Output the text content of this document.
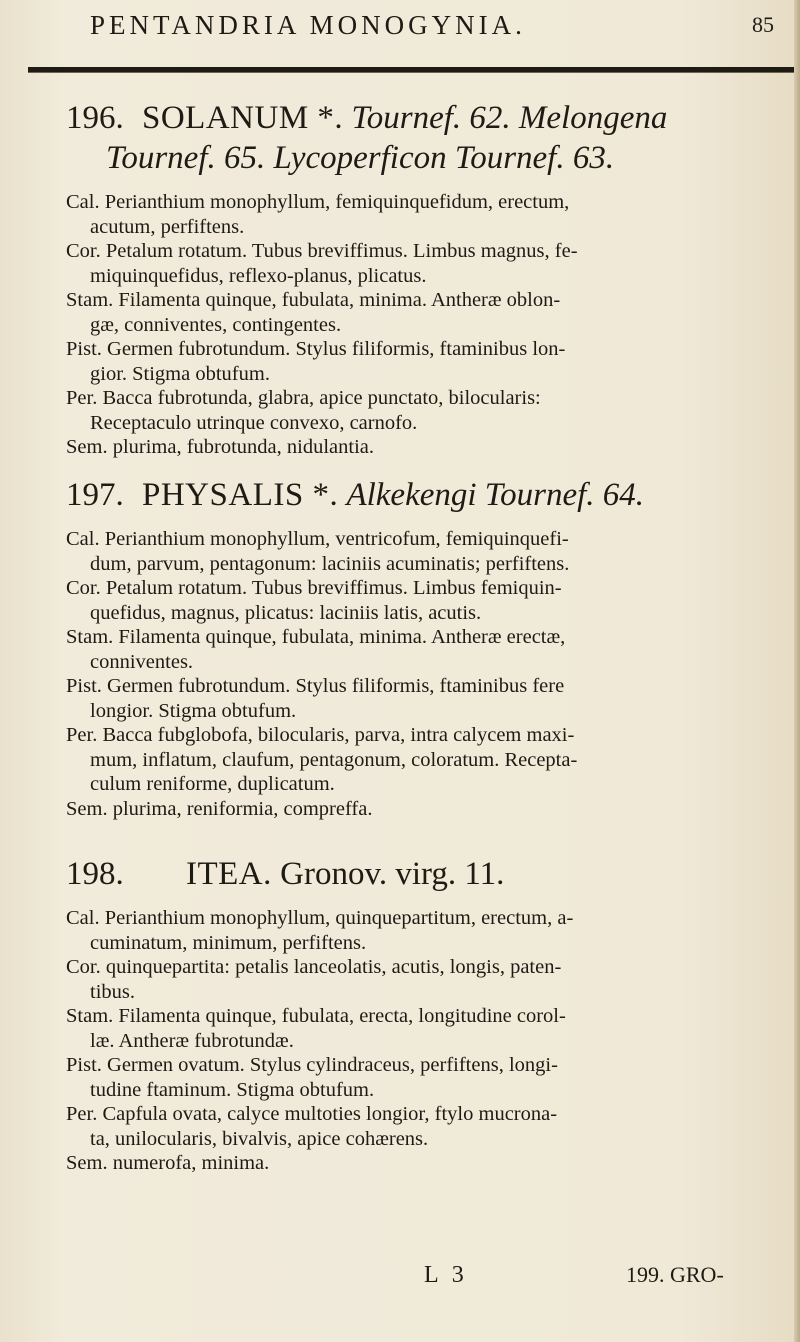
PENTANDRIA MONOGYNIA.	85

196. SOLANUM *. Tournef. 62. Melongena
Tournef. 65. Lycoperficon Tournef. 63.

Cal. Perianthium monophyllum, femiquinquefidum, erectum,

acutum, perfiftens.

Cor. Petalum rotatum. Tubus breviffimus. Limbus magnus, fe-

miquinquefidus, reflexo-planus, plicatus.

Stam. Filamenta quinque, fubulata, minima. Antheræ oblon-

gæ, conniventes, contingentes.

Pist. Germen fubrotundum. Stylus filiformis, ftaminibus lon-

gior. Stigma obtufum.

Per. Bacca fubrotunda, glabra, apice punctato, bilocularis:

Receptaculo utrinque convexo, carnofo.

Sem. plurima, fubrotunda, nidulantia.

197. PHYSALIS *. Alkekengi Tournef. 64.

Cal. Perianthium monophyllum, ventricofum, femiquinquefi-

dum, parvum, pentagonum: laciniis acuminatis; perfiftens.

Cor. Petalum rotatum. Tubus breviffimus. Limbus femiquin-

quefidus, magnus, plicatus: laciniis latis, acutis.

Stam. Filamenta quinque, fubulata, minima. Antheræ erectæ,

conniventes.

Pist. Germen fubrotundum. Stylus filiformis, ftaminibus fere

longior. Stigma obtufum.

Per. Bacca fubglobofa, bilocularis, parva, intra calycem maxi-

mum, inflatum, claufum, pentagonum, coloratum. Recepta-

culum reniforme, duplicatum.

Sem. plurima, reniformia, compreffa.

198. ITEA. Gronov. virg. 11.

Cal. Perianthium monophyllum, quinquepartitum, erectum, a-

cuminatum, minimum, perfiftens.

Cor. quinquepartita: petalis lanceolatis, acutis, longis, paten-

tibus.

Stam. Filamenta quinque, fubulata, erecta, longitudine corol-

læ. Antheræ fubrotundæ.

Pist. Germen ovatum. Stylus cylindraceus, perfiftens, longi-

tudine ftaminum. Stigma obtufum.

Per. Capfula ovata, calyce multoties longior, ftylo mucrona-

ta, unilocularis, bivalvis, apice cohærens.

Sem. numerofa, minima.

L 3	199. GRO-
